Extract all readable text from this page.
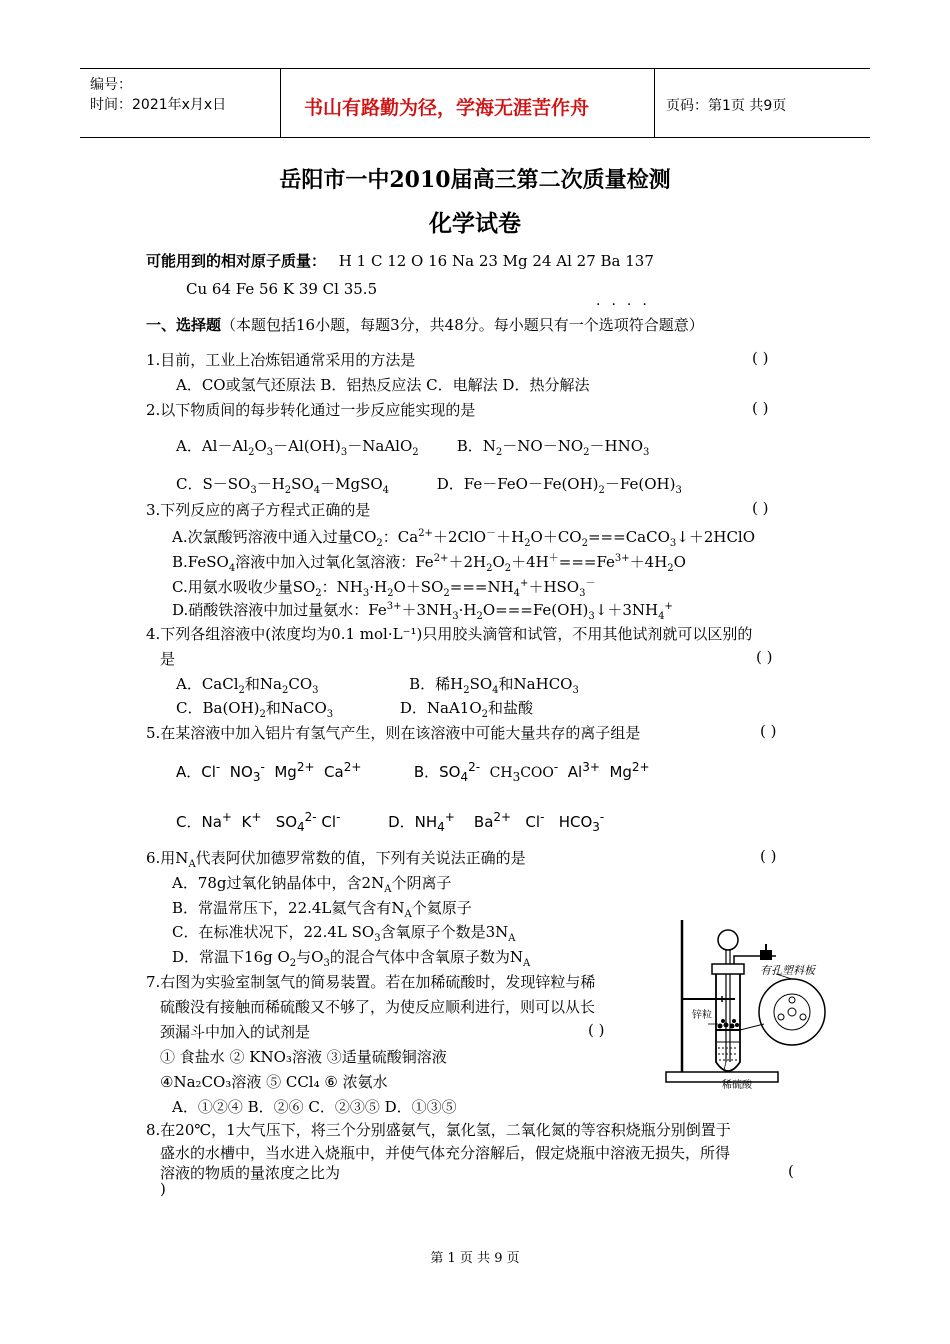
编号：
时间：2021年x月x日	书山有路勤为径，学海无涯苦作舟	页码：第1页 共9页
岳阳市一中2010届高三第二次质量检测
化学试卷
可能用到的相对原子质量： H 1 C 12 O 16 Na 23 Mg 24 Al 27 Ba 137
Cu 64 Fe 56 K 39 Cl 35.5
····
一、选择题（本题包括16小题，每题3分，共48分。每小题只有一个选项符合题意）
1.目前，工业上冶炼铝通常采用的方法是	( )
A．CO或氢气还原法 B．铝热反应法 C．电解法 D．热分解法
2.以下物质间的每步转化通过一步反应能实现的是	( )
A．$Al-Al_2O_3-Al(OH)_3-NaAlO_2$        B．$N_2-NO-NO_2-HNO_3$
C．$S-SO_3-H_2SO_4-MgSO_4$          D．$Fe-FeO-Fe(OH)_2-Fe(OH)_3$
3.下列反应的离子方程式正确的是	( )
A.次氯酸钙溶液中通入过量$CO_2$：$Ca^{2+}+2ClO^-+H_2O+CO_2===CaCO_3↓+2HClO$
B.FeSO$_4$溶液中加入过氧化氢溶液：$Fe^{2+}+2H_2O_2+4H^+===Fe^{3+}+4H_2O$
C.用氨水吸收少量$SO_2$：$NH_3\cdot H_2O+SO_2===NH_4^++HSO_3^-$
D.硝酸铁溶液中加过量氨水：$Fe^{3+}+3NH_3\cdot H_2O===Fe(OH)_3↓+3NH_4^+$
4.下列各组溶液中(浓度均为0.1 mol·L⁻¹)只用胶头滴管和试管，不用其他试剂就可以区别的
是	( )
A．CaCl$_2$和$Na_2CO_3$                   B．稀$H_2SO_4$和NaHCO$_3$
C．$Ba(OH)_2$和NaCO$_3$              D．$NaA1O_2$和盐酸
5.在某溶液中加入铝片有氢气产生，则在该溶液中可能大量共存的离子组是	( )
A．Cl-  $NO_3^-$  $Mg^{2+}$  $Ca^{2+}$           B．$SO_4^{2-}$ $CH_3COO^-$  $Al^{3+}$  $Mg^{2+}$
C．Na+  K+   $SO_4^{2-}$ Cl-          D．$NH_4^+$    $Ba^{2+}$   Cl-   $HCO_3^-$
6.用$N_A$代表阿伏加德罗常数的值，下列有关说法正确的是	( )
A．78g过氧化钠晶体中，含$2N_A$个阴离子
B．常温常压下，22.4L氦气含有$N_A$个氦原子
C．在标准状况下，22.4L $SO_3$含氧原子个数是$3N_A$
D．常温下16g $O_2$与$O_3$的混合气体中含氧原子数为$N_A$
7.右图为实验室制氢气的简易装置。若在加稀硫酸时，发现锌粒与稀
硫酸没有接触而稀硫酸又不够了，为使反应顺利进行，则可以从长
颈漏斗中加入的试剂是	( )
① 食盐水 ② KNO₃溶液 ③适量硫酸铜溶液
④Na₂CO₃溶液 ⑤ CCl₄ ⑥ 浓氨水
A．①②④ B．②⑥ C．②③⑤ D．①③⑤
有孔塑料板
锌粒
稀硫酸
8.在20℃，1大气压下，将三个分别盛氨气，氯化氢，二氧化氮的等容积烧瓶分别倒置于
盛水的水槽中，当水进入烧瓶中，并使气体充分溶解后，假定烧瓶中溶液无损失，所得
溶液的物质的量浓度之比为	(
)
第 1 页 共 9 页
